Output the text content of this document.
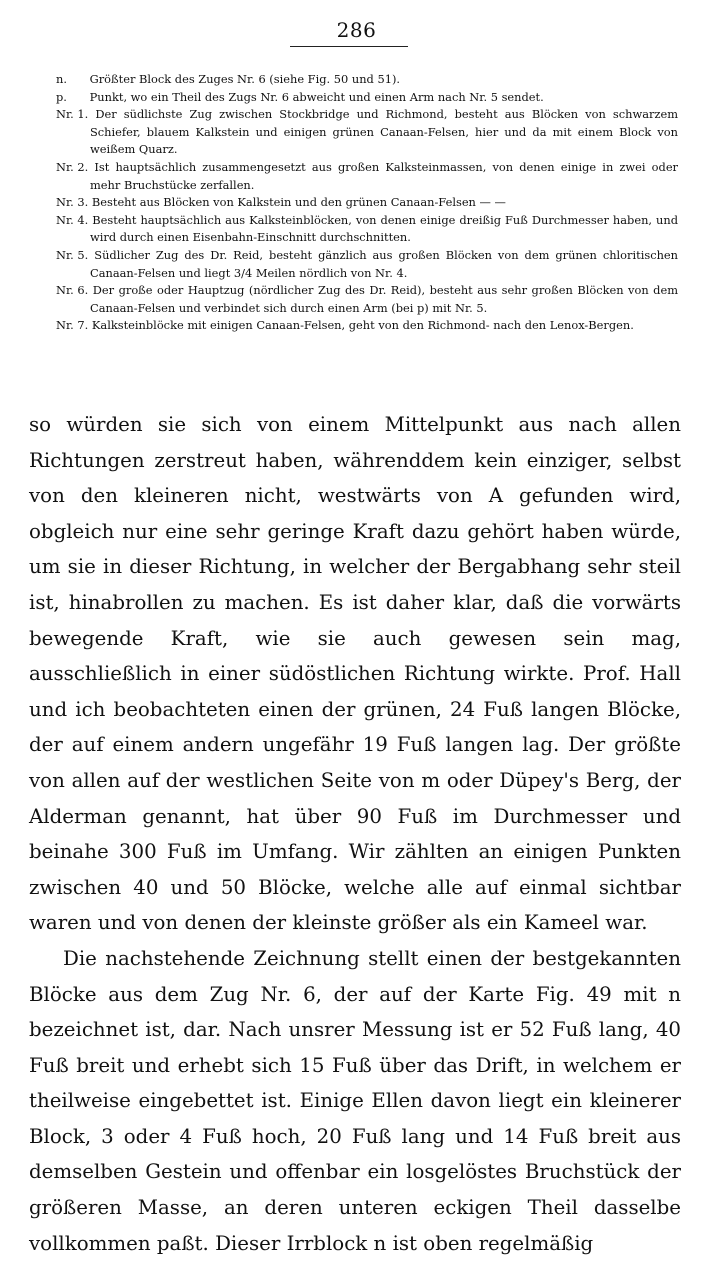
286

n. Größter Block des Zuges Nr. 6 (siehe Fig. 50 und 51).

p. Punkt, wo ein Theil des Zugs Nr. 6 abweicht und einen Arm nach Nr. 5 sendet.

Nr. 1. Der südlichste Zug zwischen Stockbridge und Richmond, besteht aus Blöcken von schwarzem Schiefer, blauem Kalkstein und einigen grünen Canaan-Felsen, hier und da mit einem Block von weißem Quarz.

Nr. 2. Ist hauptsächlich zusammengesetzt aus großen Kalksteinmassen, von denen einige in zwei oder mehr Bruchstücke zerfallen.

Nr. 3. Besteht aus Blöcken von Kalkstein und den grünen Canaan-Felsen — —

Nr. 4. Besteht hauptsächlich aus Kalksteinblöcken, von denen einige dreißig Fuß Durchmesser haben, und wird durch einen Eisenbahn-Einschnitt durchschnitten.

Nr. 5. Südlicher Zug des Dr. Reid, besteht gänzlich aus großen Blöcken von dem grünen chloritischen Canaan-Felsen und liegt 3/4 Meilen nördlich von Nr. 4.

Nr. 6. Der große oder Hauptzug (nördlicher Zug des Dr. Reid), besteht aus sehr großen Blöcken von dem Canaan-Felsen und verbindet sich durch einen Arm (bei p) mit Nr. 5.

Nr. 7. Kalksteinblöcke mit einigen Canaan-Felsen, geht von den Richmond- nach den Lenox-Bergen.

so würden sie sich von einem Mittelpunkt aus nach allen Richtungen zerstreut haben, währenddem kein einziger, selbst von den kleineren nicht, westwärts von A gefunden wird, obgleich nur eine sehr geringe Kraft dazu gehört haben würde, um sie in dieser Richtung, in welcher der Bergabhang sehr steil ist, hinabrollen zu machen. Es ist daher klar, daß die vorwärts bewegende Kraft, wie sie auch gewesen sein mag, ausschließlich in einer südöstlichen Richtung wirkte. Prof. Hall und ich beobachteten einen der grünen, 24 Fuß langen Blöcke, der auf einem andern ungefähr 19 Fuß langen lag. Der größte von allen auf der westlichen Seite von m oder Düpey's Berg, der Alderman genannt, hat über 90 Fuß im Durchmesser und beinahe 300 Fuß im Umfang. Wir zählten an einigen Punkten zwischen 40 und 50 Blöcke, welche alle auf einmal sichtbar waren und von denen der kleinste größer als ein Kameel war.

Die nachstehende Zeichnung stellt einen der bestgekannten Blöcke aus dem Zug Nr. 6, der auf der Karte Fig. 49 mit n bezeichnet ist, dar. Nach unsrer Messung ist er 52 Fuß lang, 40 Fuß breit und erhebt sich 15 Fuß über das Drift, in welchem er theilweise eingebettet ist. Einige Ellen davon liegt ein kleinerer Block, 3 oder 4 Fuß hoch, 20 Fuß lang und 14 Fuß breit aus demselben Gestein und offenbar ein losgelöstes Bruchstück der größeren Masse, an deren unteren eckigen Theil dasselbe vollkommen paßt. Dieser Irrblock n ist oben regelmäßig
